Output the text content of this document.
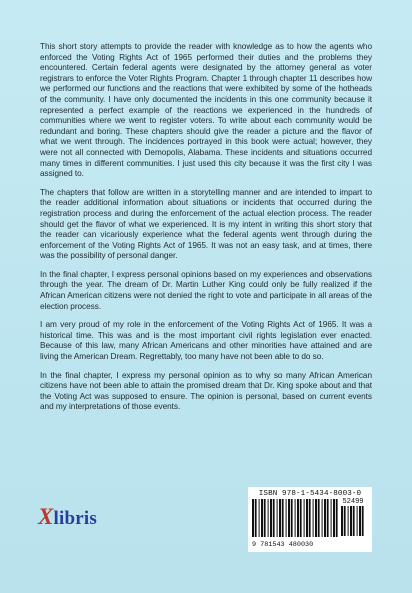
This short story attempts to provide the reader with knowledge as to how the agents who enforced the Voting Rights Act of 1965 performed their duties and the problems they encountered. Certain federal agents were designated by the attorney general as voter registrars to enforce the Voter Rights Program. Chapter 1 through chapter 11 describes how we performed our functions and the reactions that were exhibited by some of the hotheads of the community. I have only documented the incidents in this one community because it represented a perfect example of the reactions we experienced in the hundreds of communities where we went to register voters. To write about each community would be redundant and boring. These chapters should give the reader a picture and the flavor of what we went through. The incidences portrayed in this book were actual; however, they were not all connected with Demopolis, Alabama. These incidents and situations occurred many times in different communities. I just used this city because it was the first city I was assigned to.

The chapters that follow are written in a storytelling manner and are intended to impart to the reader additional information about situations or incidents that occurred during the registration process and during the enforcement of the actual election process. The reader should get the flavor of what we experienced. It is my intent in writing this short story that the reader can vicariously experience what the federal agents went through during the enforcement of the Voting Rights Act of 1965. It was not an easy task, and at times, there was the possibility of personal danger.

In the final chapter, I express personal opinions based on my experiences and observations through the year. The dream of Dr. Martin Luther King could only be fully realized if the African American citizens were not denied the right to vote and participate in all areas of the election process.

I am very proud of my role in the enforcement of the Voting Rights Act of 1965. It was a historical time. This was and is the most important civil rights legislation ever enacted. Because of this law, many African Americans and other minorities have attained and are living the American Dream. Regrettably, too many have not been able to do so.

In the final chapter, I express my personal opinion as to why so many African American citizens have not been able to attain the promised dream that Dr. King spoke about and that the Voting Act was supposed to ensure. The opinion is personal, based on current events and my interpretations of those events.

Xlibris
ISBN 978-1-5434-8003-0
52499
9 781543 480030
